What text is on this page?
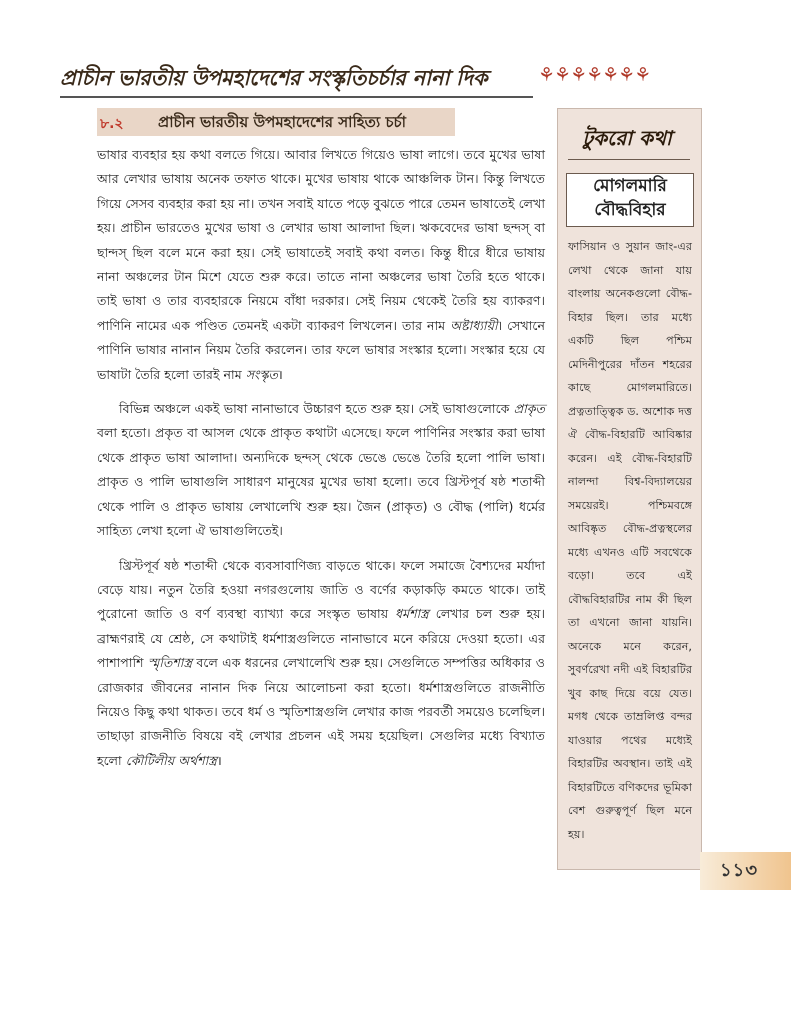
প্রাচীন ভারতীয় উপমহাদেশের সংস্কৃতিচর্চার নানা দিক	⚘⚘⚘⚘⚘⚘⚘
৮.২ প্রাচীন ভারতীয় উপমহাদেশের সাহিত্য চর্চা

ভাষার ব্যবহার হয় কথা বলতে গিয়ে। আবার লিখতে গিয়েও ভাষা লাগে। তবে মুখের ভাষা আর লেখার ভাষায় অনেক তফাত থাকে। মুখের ভাষায় থাকে আঞ্চলিক টান। কিন্তু লিখতে গিয়ে সেসব ব্যবহার করা হয় না। তখন সবাই যাতে পড়ে বুঝতে পারে তেমন ভাষাতেই লেখা হয়। প্রাচীন ভারতেও মুখের ভাষা ও লেখার ভাষা আলাদা ছিল। ঋকবেদের ভাষা ছন্দস্ বা ছান্দস্ ছিল বলে মনে করা হয়। সেই ভাষাতেই সবাই কথা বলত। কিন্তু ধীরে ধীরে ভাষায় নানা অঞ্চলের টান মিশে যেতে শুরু করে। তাতে নানা অঞ্চলের ভাষা তৈরি হতে থাকে। তাই ভাষা ও তার ব্যবহারকে নিয়মে বাঁধা দরকার। সেই নিয়ম থেকেই তৈরি হয় ব্যাকরণ। পাণিনি নামের এক পণ্ডিত তেমনই একটা ব্যাকরণ লিখলেন। তার নাম অষ্টাধ্যায়ী। সেখানে পাণিনি ভাষার নানান নিয়ম তৈরি করলেন। তার ফলে ভাষার সংস্কার হলো। সংস্কার হয়ে যে ভাষাটা তৈরি হলো তারই নাম সংস্কৃত।

বিভিন্ন অঞ্চলে একই ভাষা নানাভাবে উচ্চারণ হতে শুরু হয়। সেই ভাষাগুলোকে প্রাকৃত বলা হতো। প্রকৃত বা আসল থেকে প্রাকৃত কথাটা এসেছে। ফলে পাণিনির সংস্কার করা ভাষা থেকে প্রাকৃত ভাষা আলাদা। অন্যদিকে ছন্দস্ থেকে ভেঙে ভেঙে তৈরি হলো পালি ভাষা। প্রাকৃত ও পালি ভাষাগুলি সাধারণ মানুষের মুখের ভাষা হলো। তবে খ্রিস্টপূর্ব ষষ্ঠ শতাব্দী থেকে পালি ও প্রাকৃত ভাষায় লেখালেখি শুরু হয়। জৈন (প্রাকৃত) ও বৌদ্ধ (পালি) ধর্মের সাহিত্য লেখা হলো ঐ ভাষাগুলিতেই।

খ্রিস্টপূর্ব ষষ্ঠ শতাব্দী থেকে ব্যবসাবাণিজ্য বাড়তে থাকে। ফলে সমাজে বৈশ্যদের মর্যাদা বেড়ে যায়। নতুন তৈরি হওয়া নগরগুলোয় জাতি ও বর্ণের কড়াকড়ি কমতে থাকে। তাই পুরোনো জাতি ও বর্ণ ব্যবস্থা ব্যাখ্যা করে সংস্কৃত ভাষায় ধর্মশাস্ত্র লেখার চল শুরু হয়। ব্রাহ্মণরাই যে শ্রেষ্ঠ, সে কথাটাই ধর্মশাস্ত্রগুলিতে নানাভাবে মনে করিয়ে দেওয়া হতো। এর পাশাপাশি স্মৃতিশাস্ত্র বলে এক ধরনের লেখালেখি শুরু হয়। সেগুলিতে সম্পত্তির অধিকার ও রোজকার জীবনের নানান দিক নিয়ে আলোচনা করা হতো। ধর্মশাস্ত্রগুলিতে রাজনীতি নিয়েও কিছু কথা থাকত। তবে ধর্ম ও স্মৃতিশাস্ত্রগুলি লেখার কাজ পরবর্তী সময়েও চলেছিল। তাছাড়া রাজনীতি বিষয়ে বই লেখার প্রচলন এই সময় হয়েছিল। সেগুলির মধ্যে বিখ্যাত হলো কৌটিলীয় অর্থশাস্ত্র।

টুকরো কথা
মোগলমারি
বৌদ্ধবিহার
ফাসিয়ান ও সুয়ান জাং-এর লেখা থেকে জানা যায় বাংলায় অনেকগুলো বৌদ্ধ-বিহার ছিল। তার মধ্যে একটি ছিল পশ্চিম মেদিনীপুরের দাঁতন শহরের কাছে মোগলমারিতে। প্রত্নতাত্ত্বিক ড. অশোক দত্ত ঐ বৌদ্ধ-বিহারটি আবিষ্কার করেন। এই বৌদ্ধ-বিহারটি নালন্দা বিশ্ব-বিদ্যালয়ের সময়েরই। পশ্চিমবঙ্গে আবিষ্কৃত বৌদ্ধ-প্রত্নস্থলের মধ্যে এখনও এটি সবথেকে বড়ো। তবে এই বৌদ্ধবিহারটির নাম কী ছিল তা এখনো জানা যায়নি। অনেকে মনে করেন, সুবর্ণরেখা নদী এই বিহারটির খুব কাছ দিয়ে বয়ে যেত। মগধ থেকে তাম্রলিপ্ত বন্দর যাওয়ার পথের মধ্যেই বিহারটির অবস্থান। তাই এই বিহারটিতে বণিকদের ভূমিকা বেশ গুরুত্বপূর্ণ ছিল মনে হয়।
১১৩
